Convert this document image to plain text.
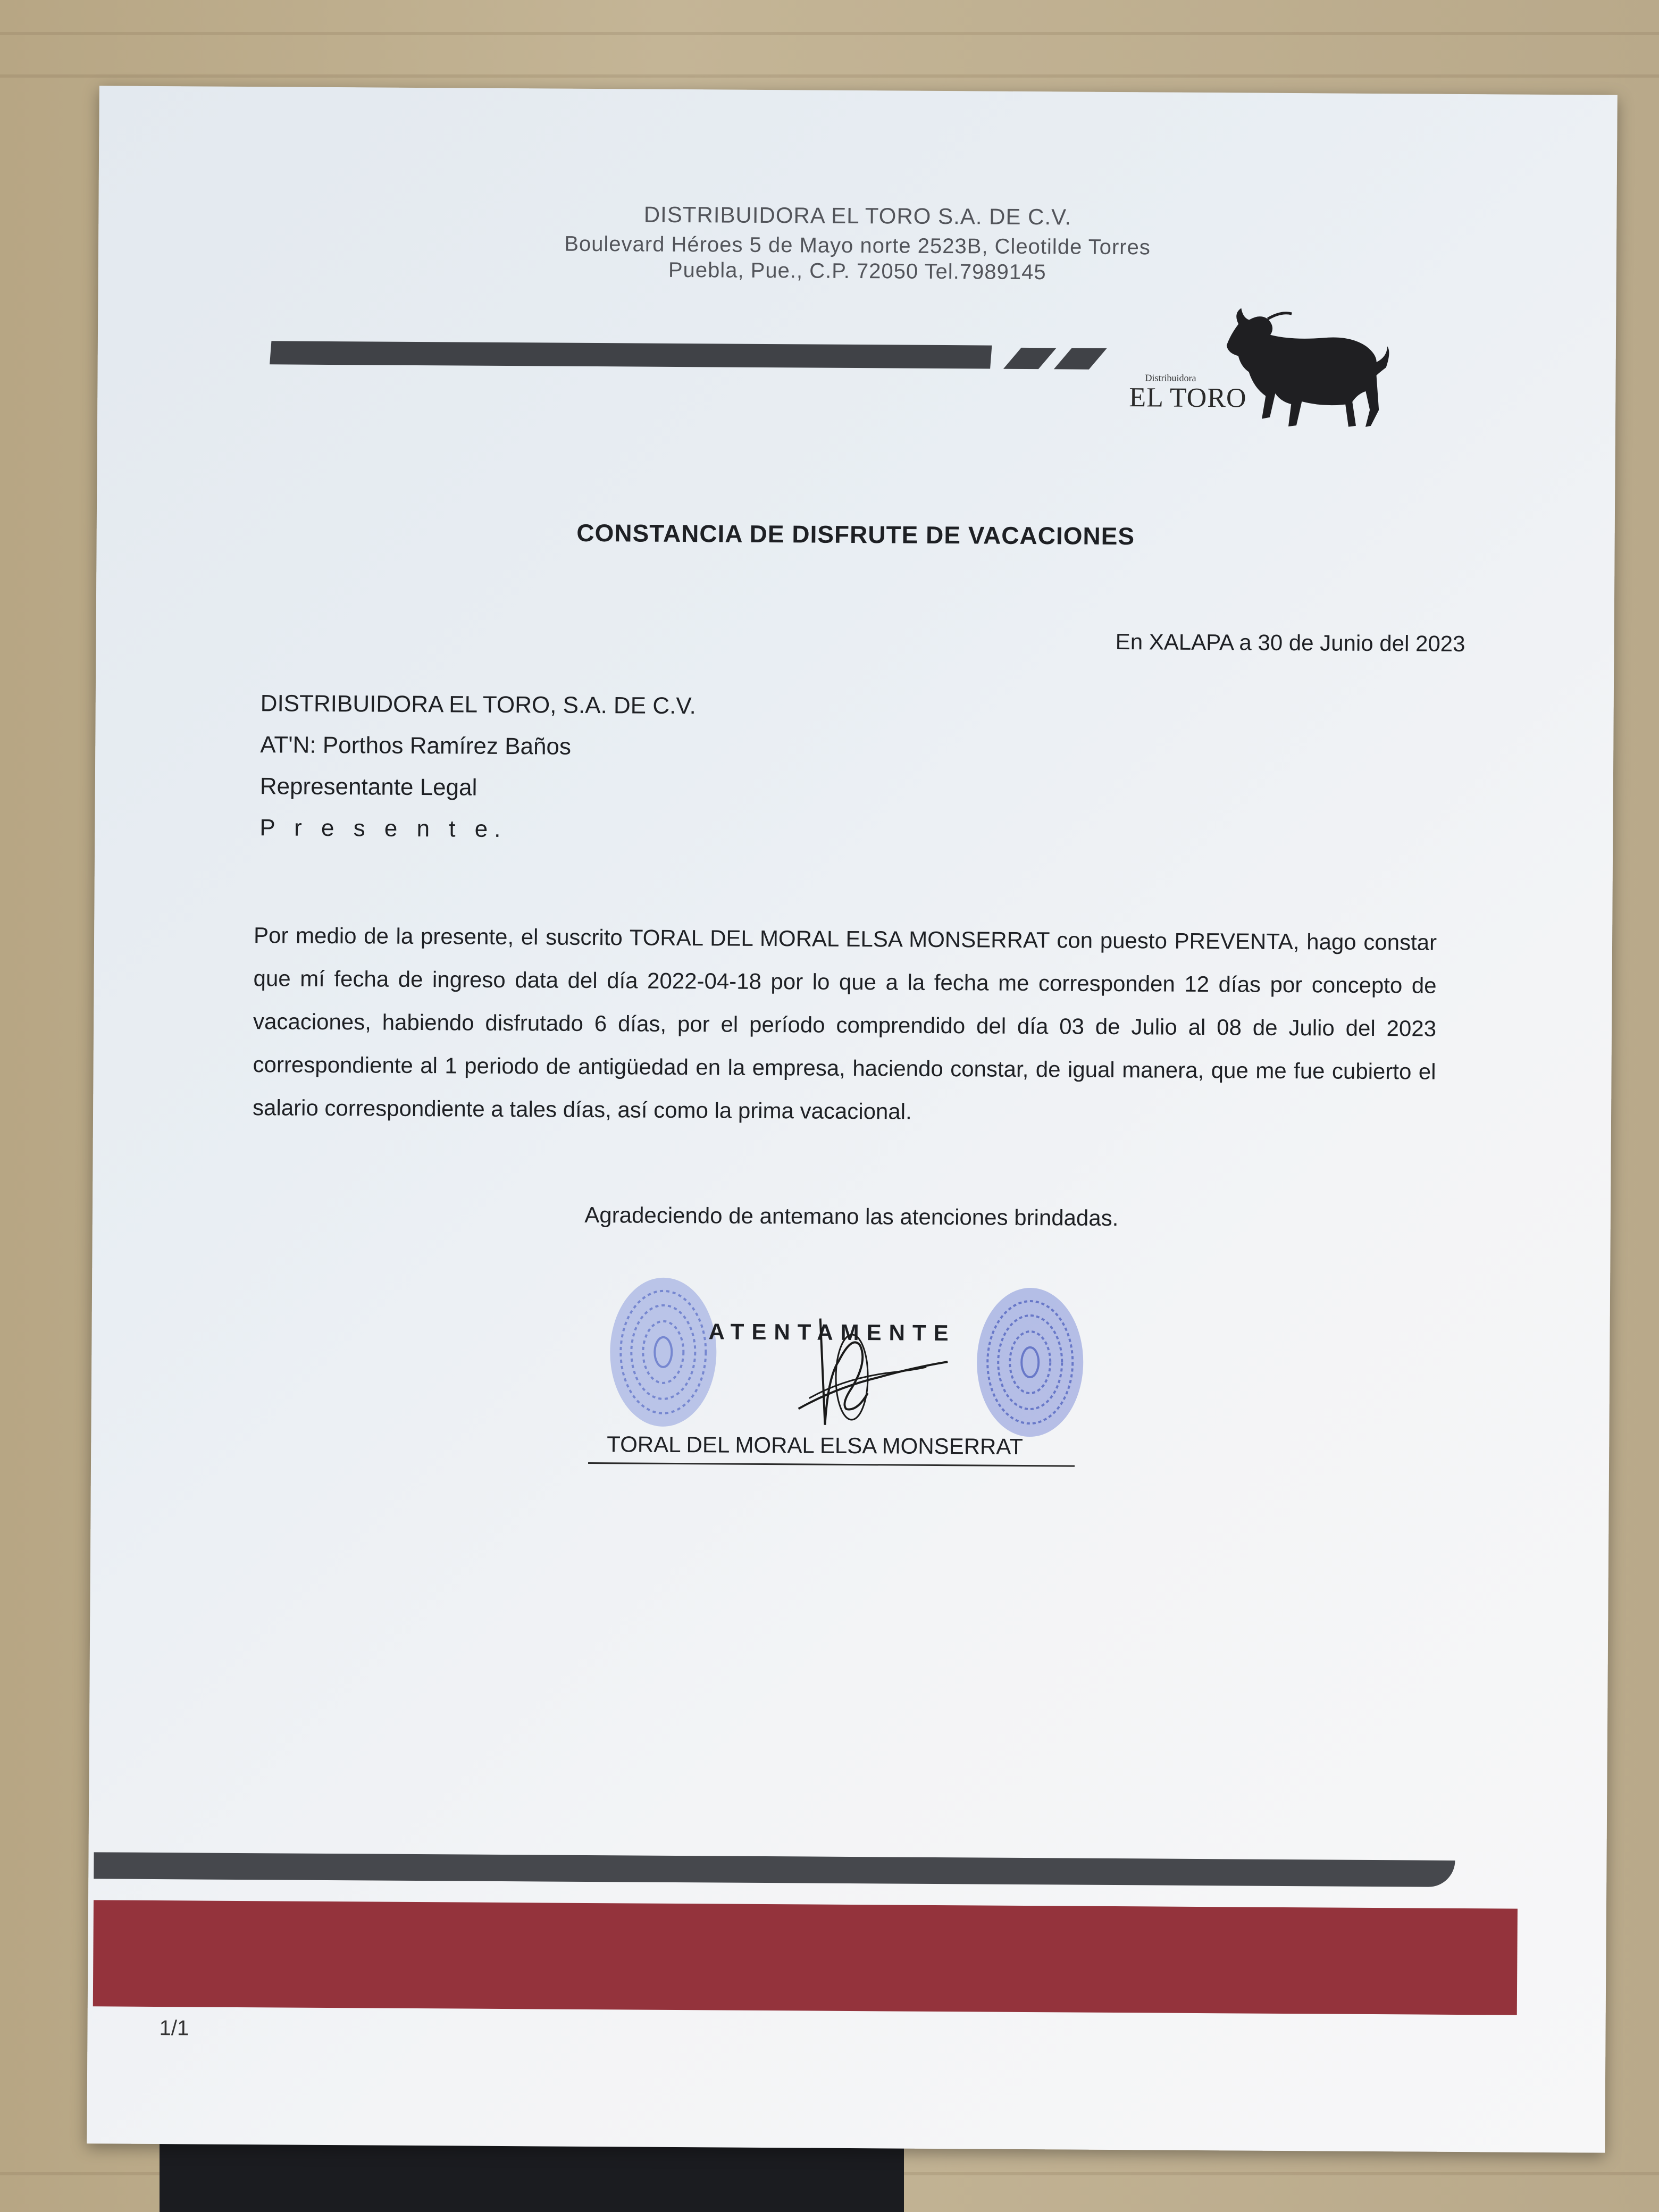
DISTRIBUIDORA EL TORO S.A. DE C.V.
Boulevard Héroes 5 de Mayo norte 2523B, Cleotilde Torres
Puebla, Pue., C.P. 72050 Tel.7989145
Distribuidora
EL TORO
CONSTANCIA DE DISFRUTE DE VACACIONES
En XALAPA a 30 de Junio del 2023
DISTRIBUIDORA EL TORO, S.A. DE C.V.
AT'N: Porthos Ramírez Baños
Representante Legal
P r e s e n t e.
Por medio de la presente, el suscrito TORAL DEL MORAL ELSA MONSERRAT con puesto PREVENTA, hago constar que mí fecha de ingreso data del día 2022-04-18 por lo que a la fecha me corresponden 12 días por concepto de vacaciones, habiendo disfrutado 6 días, por el período comprendido del día 03 de Julio al 08 de Julio del 2023 correspondiente al 1 periodo de antigüedad en la empresa, haciendo constar, de igual manera, que me fue cubierto el salario correspondiente a tales días, así como la prima vacacional.
Agradeciendo de antemano las atenciones brindadas.
ATENTAMENTE
TORAL DEL MORAL ELSA MONSERRAT
1/1
